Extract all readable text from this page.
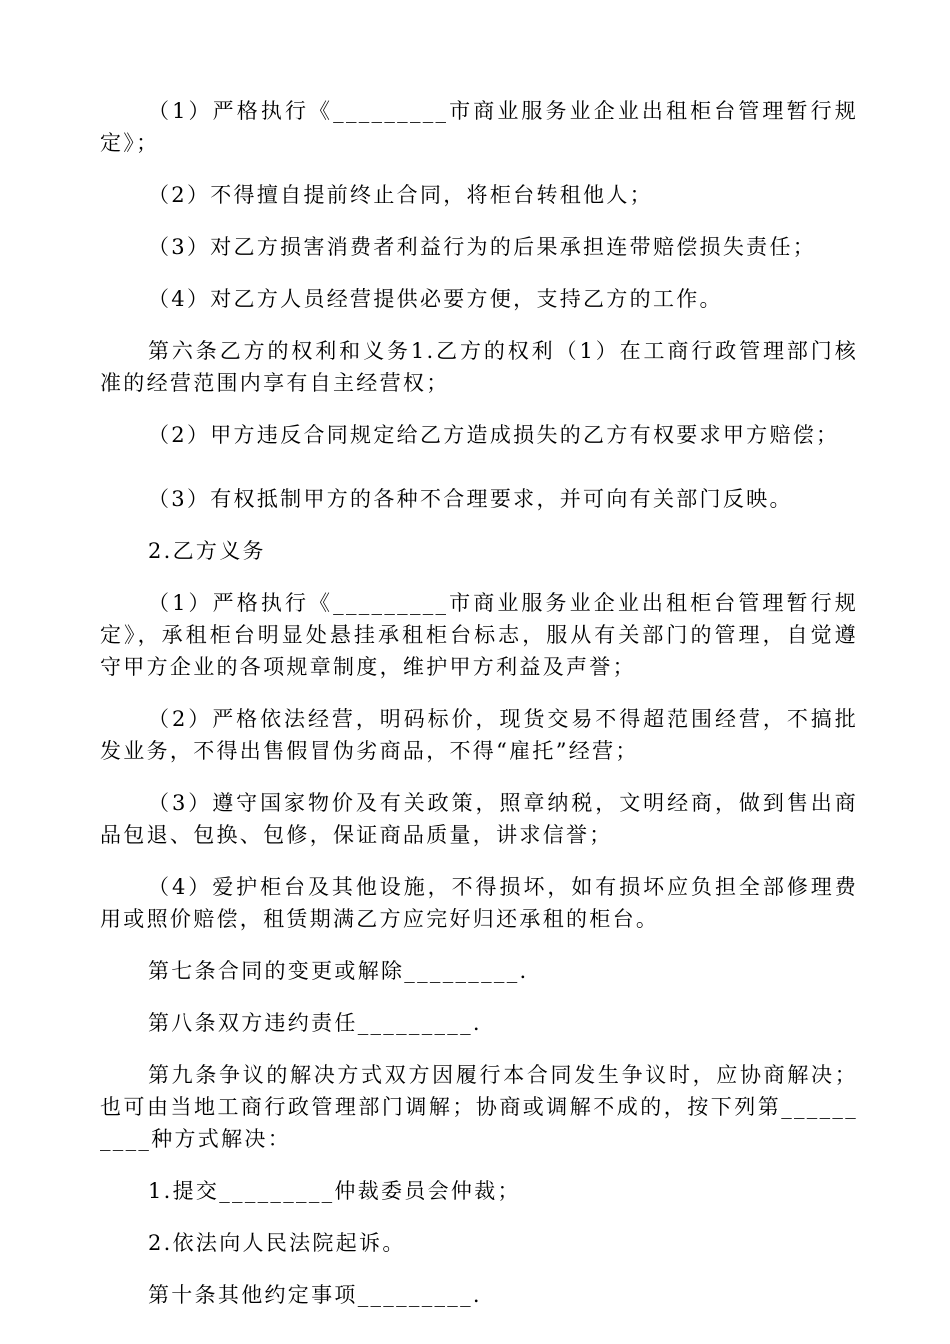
（1）严格执行《_________市商业服务业企业出租柜台管理暂行规定》；

（2）不得擅自提前终止合同，将柜台转租他人；

（3）对乙方损害消费者利益行为的后果承担连带赔偿损失责任；

（4）对乙方人员经营提供必要方便，支持乙方的工作。

第六条乙方的权利和义务1.乙方的权利（1）在工商行政管理部门核准的经营范围内享有自主经营权；

（2）甲方违反合同规定给乙方造成损失的乙方有权要求甲方赔偿；

（3）有权抵制甲方的各种不合理要求，并可向有关部门反映。

2.乙方义务

（1）严格执行《_________市商业服务业企业出租柜台管理暂行规定》，承租柜台明显处悬挂承租柜台标志，服从有关部门的管理，自觉遵守甲方企业的各项规章制度，维护甲方利益及声誉；

（2）严格依法经营，明码标价，现货交易不得超范围经营，不搞批发业务，不得出售假冒伪劣商品，不得“雇托”经营；

（3）遵守国家物价及有关政策，照章纳税，文明经商，做到售出商品包退、包换、包修，保证商品质量，讲求信誉；

（4）爱护柜台及其他设施，不得损坏，如有损坏应负担全部修理费用或照价赔偿，租赁期满乙方应完好归还承租的柜台。

第七条合同的变更或解除_________.

第八条双方违约责任_________.

第九条争议的解决方式双方因履行本合同发生争议时，应协商解决；也可由当地工商行政管理部门调解；协商或调解不成的，按下列第__________种方式解决：

1.提交_________仲裁委员会仲裁；

2.依法向人民法院起诉。

第十条其他约定事项_________.
